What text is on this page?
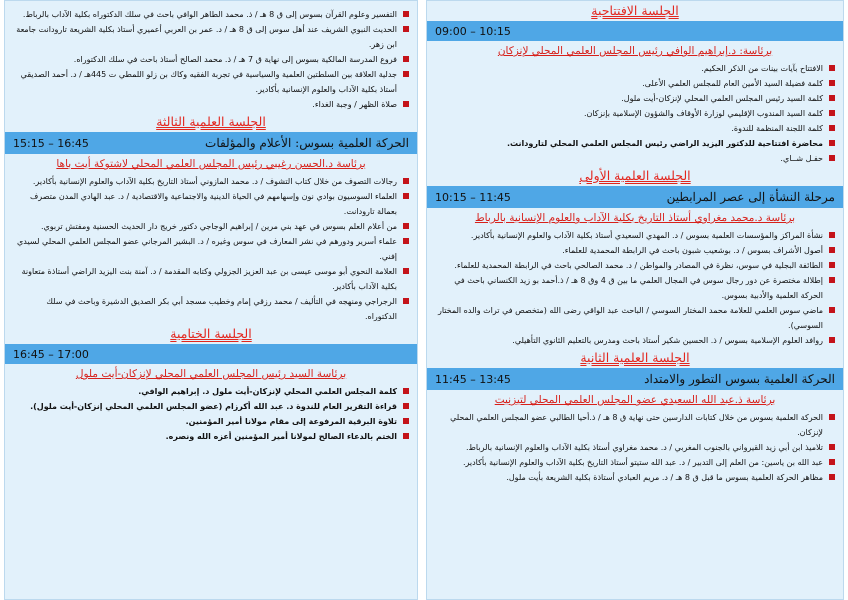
الجلسة الافتتاحية
09:00 – 10:15
برئاسة: د.إبراهيم الوافي رئيس المجلس العلمي المحلي لإنزكان
الافتتاح بآيات بينات من الذكر الحكيم.
كلمة فضيلة السيد الأمين العام للمجلس العلمي الأعلى.
كلمة السيد رئيس المجلس العلمي المحلي لإنزكان-أيت ملول.
كلمة السيد المندوب الإقليمي لوزارة الأوقاف والشؤون الإسلامية بإنزكان.
كلمة اللجنة المنظمة للندوة.
محاضرة افتتاحية للدكتور اليزيد الراضي رئيس المجلس العلمي المحلي لتارودانت.
حفـل شــاي.
الجلسة العلمية الأولى
مرحلة النشأة إلى عصر المرابطين
10:15 – 11:45
برئاسة د.محمد مغراوي أستاذ التاريخ بكلية الآداب والعلوم الإنسانية بالرباط
نشأة المراكز والمؤسسات العلمية بسوس / د. المهدي السعيدي أستاذ بكلية الآداب والعلوم الإنسانية بأكادير.
أصول الأشراف بسوس / د. بوشعيب شبون باحث في الرابطة المحمدية للعلماء.
الطائفة البجلية في سوس، نظرة في المصادر والمواطن / د. محمد الصالحي باحث في الرابطة المحمدية للعلماء.
إطلالة مختصرة عن دور رجال سوس في المجال العلمي ما بين ق 4 وق 8 هـ / ذ.أحمد بو زيد الكنساني باحث في الحركة العلمية والأدبية بسوس.
ماضي سوس العلمي للعلامة محمد المختار السوسي / الباحث عبد الواقي رضى الله (متخصص في تراث والده المختار السوسي).
روافد العلوم الإسلامية بسوس / ذ. الحسين شكير أستاذ باحث ومدرس بالتعليم الثانوي التأهيلي.
الجلسة العلمية الثانية
الحركة العلمية بسوس التطور والامتداد
11:45 – 13:45
برئاسة ذ.عبد الله السعيدي عضو المجلس العلمي المحلي لتيزنيت
الحركة العلمية بسوس من خلال كتابات الدارسين حتى نهاية ق 8 هـ / ذ.أحيا الطالبي عضو المجلس العلمي المحلي لإنزكان.
تلاميذ ابن أبي زيد القيرواني بالجنوب المغربي / د. محمد مغراوي أستاذ بكلية الآداب والعلوم الإنسانية بالرباط.
عبد الله بن ياسين: من العلم إلى التدبير / د. عبد الله ستيتو أستاذ التاريخ بكلية الآداب والعلوم الإنسانية بأكادير.
مظاهر الحركة العلمية بسوس ما قبل ق 8 هـ / د. مريم العبادي أستاذة بكلية الشريعة بأيت ملول.
التفسير وعلوم القرآن بسوس إلى ق 8 هـ / ذ. محمد الطاهر الوافي باحث في سلك الدكتوراه بكلية الآداب بالرباط.
الحديث النبوي الشريف عند أهل سوس إلى ق 8 هـ / د. عمر بن العربي أعميري أستاذ بكلية الشريعة تارودانت جامعة ابن زهر.
فروع المدرسة المالكية بسوس إلى نهاية ق 7 هـ / ذ. محمد الصالح أستاذ باحث في سلك الدكتوراه.
جدلية العلاقة بين السلطتين العلمية والسياسية في تجربة الفقيه وكاك بن زلو اللمطي ت 445هـ / د. أحمد الصديقي أستاذ بكلية الآداب والعلوم الإنسانية بأكادير.
صلاة الظهر / وجبة الغداء.
الجلسة العلمية الثالثة
الحركة العلمية بسوس: الأعلام والمؤلفات
15:15 – 16:45
برئاسة د.الحسن رغيبي رئيس المجلس العلمي المحلي لاشتوكة أيت باها
رجالات التصوف من خلال كتاب التشوف / د. محمد المازوني أستاذ التاريخ بكلية الآداب والعلوم الإنسانية بأكادير.
العلماء السوسيون بوادي نون وإسهامهم في الحياة الدينية والاجتماعية والاقتصادية / د. عبد الهادي المدن متصرف بعمالة تارودانت.
من أعلام العلم بسوس في عهد بني مرين / إبراهيم الوجاجي دكتور خريج دار الحديث الحسنية ومفتش تربوي.
علماء أسرير ودورهم في نشر المعارف في سوس وغيره / د. البشير المرجاني عضو المجلس العلمي المحلي لسيدي إفني.
العلامة النحوي أبو موسى عيسى بن عبد العزيز الجزولي وكتابه المقدمة / د. آمنة بنت اليزيد الراضي أستاذة متعاونة بكلية الآداب بأكادير.
الرجراجي ومنهجه في التأليف / محمد رزقي إمام وخطيب مسجد أبي بكر الصديق الدشيرة وباحث في سلك الدكتوراه.
الجلسة الختامية
16:45 – 17:00
برئاسة السيد رئيس المجلس العلمي المحلي لإنزكان-أيت ملول
كلمة المجلس العلمي المحلي لإنزكان-أيت ملول د. إبراهيم الوافي.
قراءة التقرير العام للندوة د. عبد الله أكرزام (عضو المجلس العلمي المحلي إنزكان-أيت ملول).
تلاوة البرقية المرفوعة إلى مقام مولانا أمير المؤمنين.
الختم بالدعاء الصالح لمولانا أمير المؤمنين أعزه الله ونصره.
